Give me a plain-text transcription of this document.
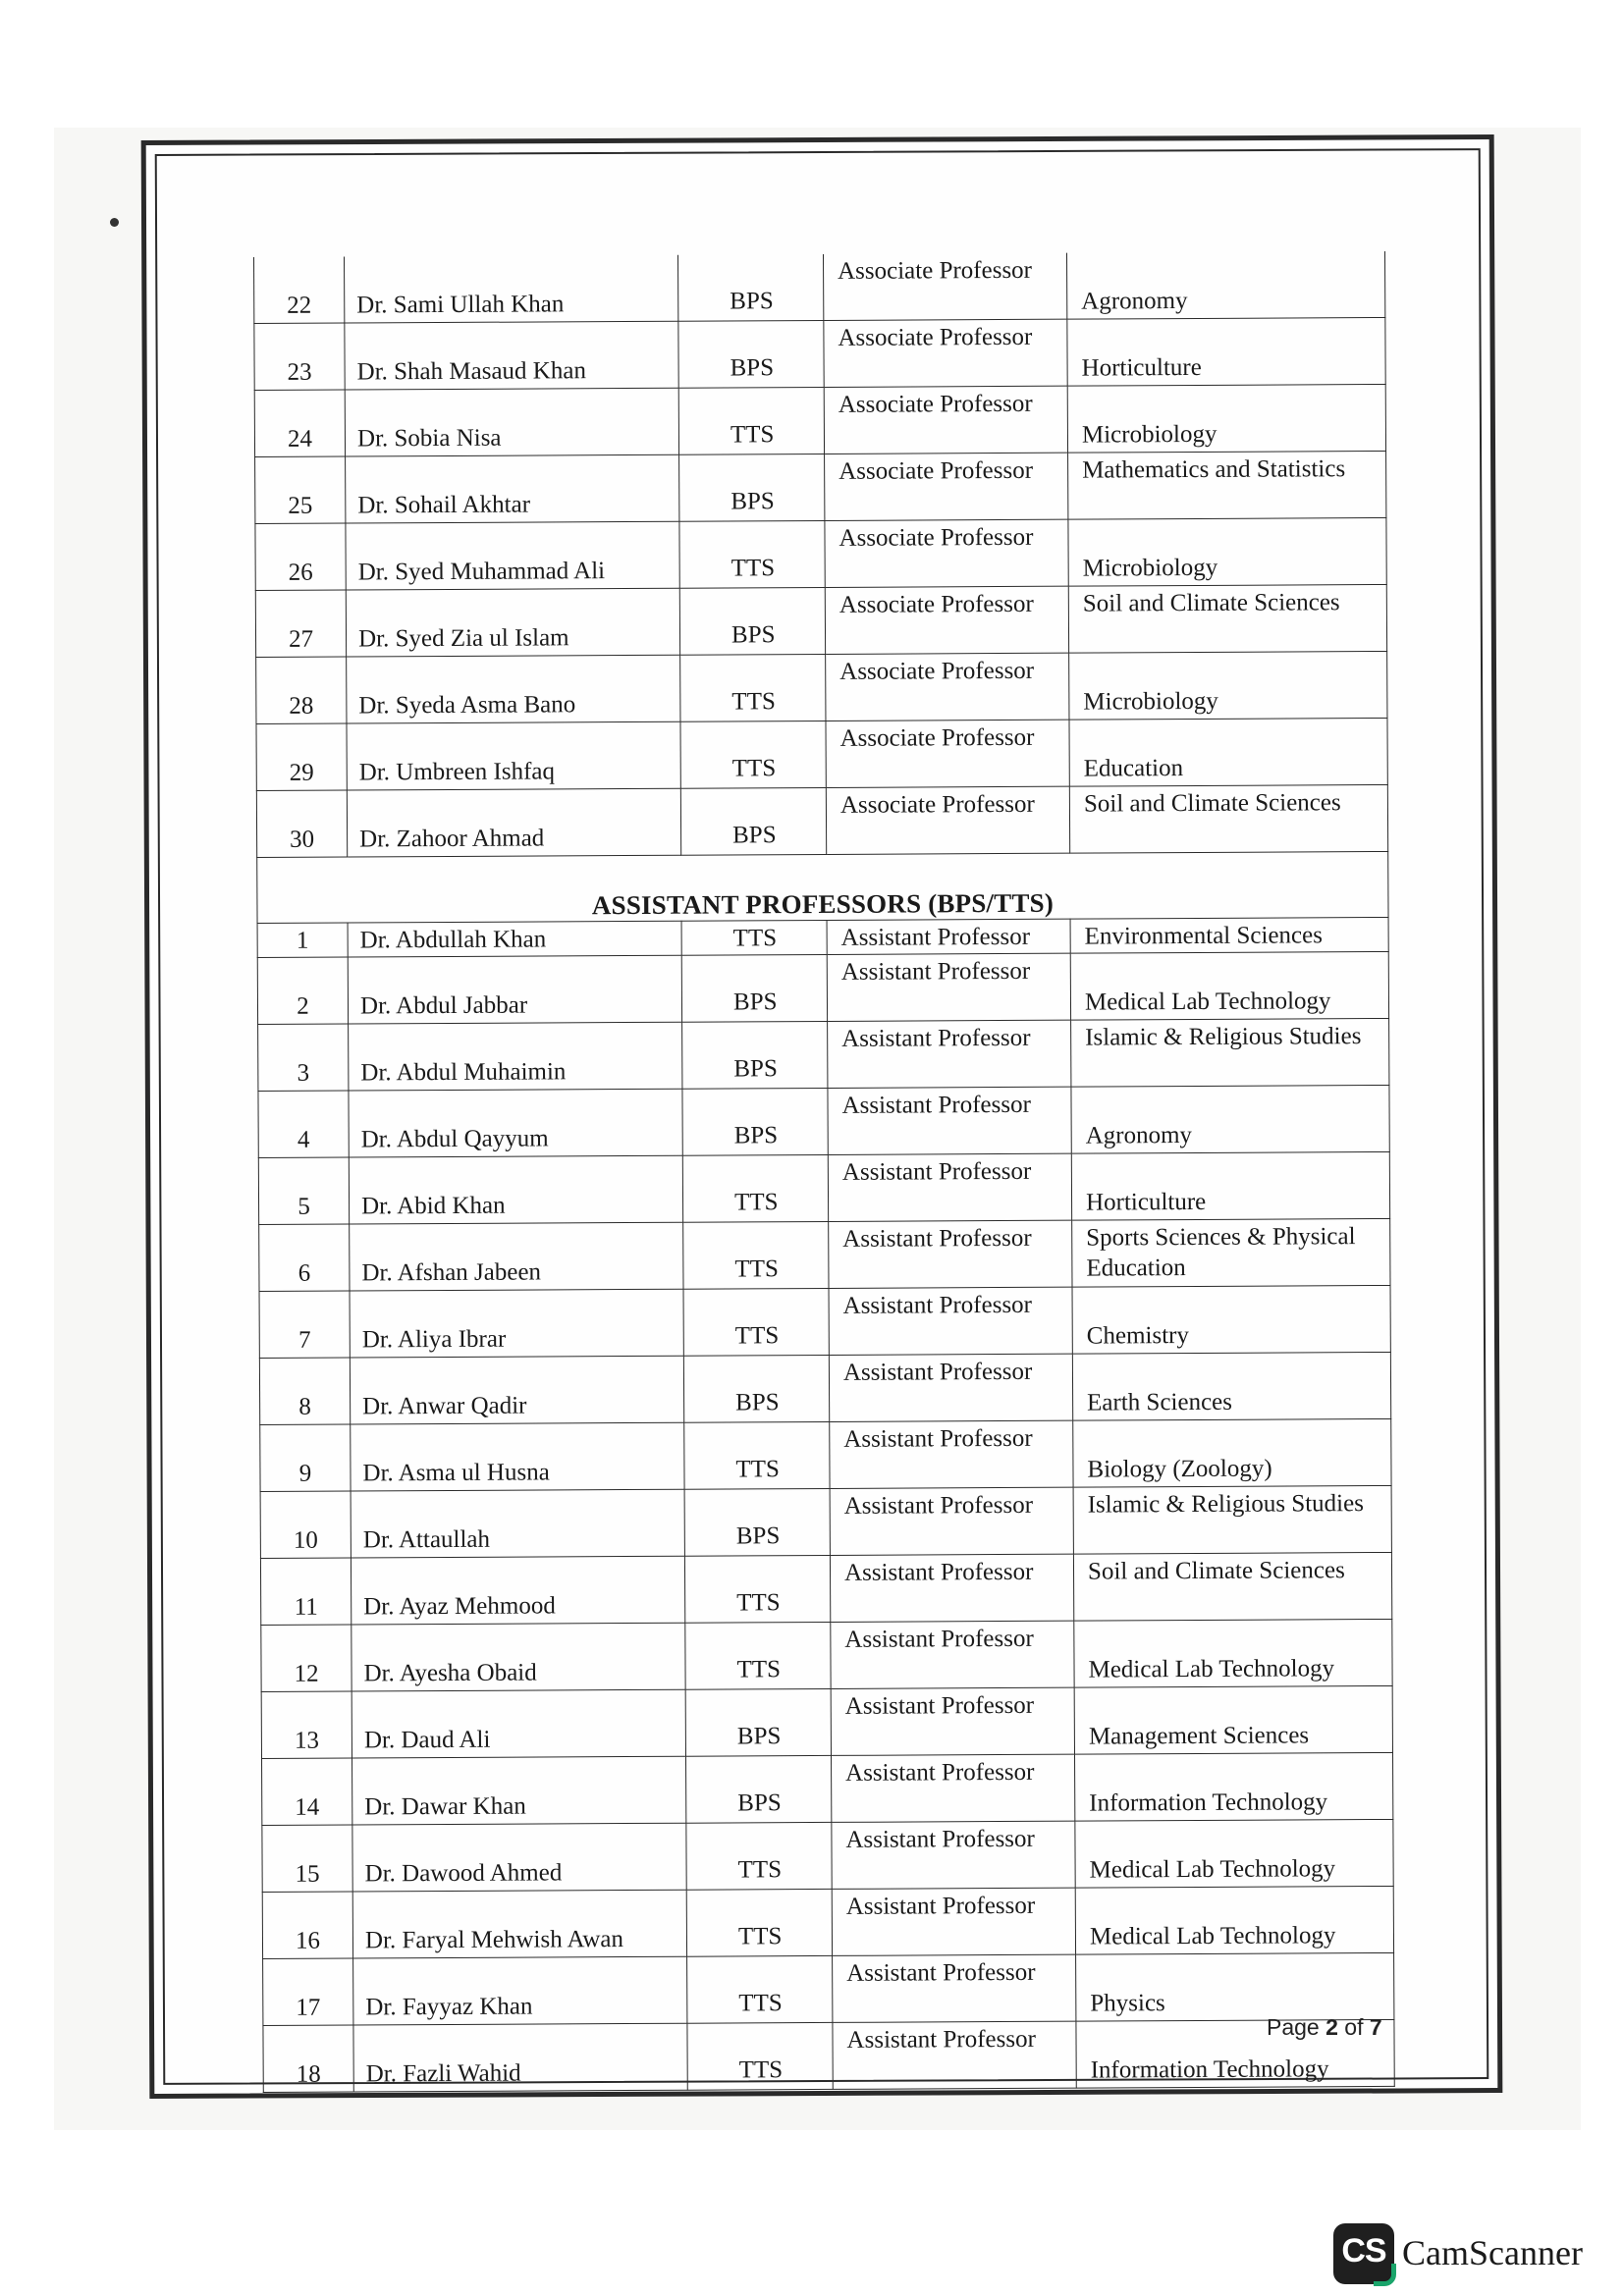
22	Dr. Sami Ullah Khan	BPS	Associate Professor	Agronomy
23	Dr. Shah Masaud Khan	BPS	Associate Professor	Horticulture
24	Dr. Sobia Nisa	TTS	Associate Professor	Microbiology
25	Dr. Sohail Akhtar	BPS	Associate Professor	Mathematics and Statistics
26	Dr. Syed Muhammad Ali	TTS	Associate Professor	Microbiology
27	Dr. Syed Zia ul Islam	BPS	Associate Professor	Soil and Climate Sciences
28	Dr. Syeda Asma Bano	TTS	Associate Professor	Microbiology
29	Dr. Umbreen Ishfaq	TTS	Associate Professor	Education
30	Dr. Zahoor Ahmad	BPS	Associate Professor	Soil and Climate Sciences
ASSISTANT PROFESSORS (BPS/TTS)				
1	Dr. Abdullah Khan	TTS	Assistant Professor	Environmental Sciences
2	Dr. Abdul Jabbar	BPS	Assistant Professor	Medical Lab Technology
3	Dr. Abdul Muhaimin	BPS	Assistant Professor	Islamic & Religious Studies
4	Dr. Abdul Qayyum	BPS	Assistant Professor	Agronomy
5	Dr. Abid Khan	TTS	Assistant Professor	Horticulture
6	Dr. Afshan Jabeen	TTS	Assistant Professor	Sports Sciences & Physical Education
7	Dr. Aliya Ibrar	TTS	Assistant Professor	Chemistry
8	Dr. Anwar Qadir	BPS	Assistant Professor	Earth Sciences
9	Dr. Asma ul Husna	TTS	Assistant Professor	Biology (Zoology)
10	Dr. Attaullah	BPS	Assistant Professor	Islamic & Religious Studies
11	Dr. Ayaz Mehmood	TTS	Assistant Professor	Soil and Climate Sciences
12	Dr. Ayesha Obaid	TTS	Assistant Professor	Medical Lab Technology
13	Dr. Daud Ali	BPS	Assistant Professor	Management Sciences
14	Dr. Dawar Khan	BPS	Assistant Professor	Information Technology
15	Dr. Dawood Ahmed	TTS	Assistant Professor	Medical Lab Technology
16	Dr. Faryal Mehwish Awan	TTS	Assistant Professor	Medical Lab Technology
17	Dr. Fayyaz Khan	TTS	Assistant Professor	Physics
18	Dr. Fazli Wahid	TTS	Assistant Professor	Information Technology
Page 2 of 7
CS CamScanner
